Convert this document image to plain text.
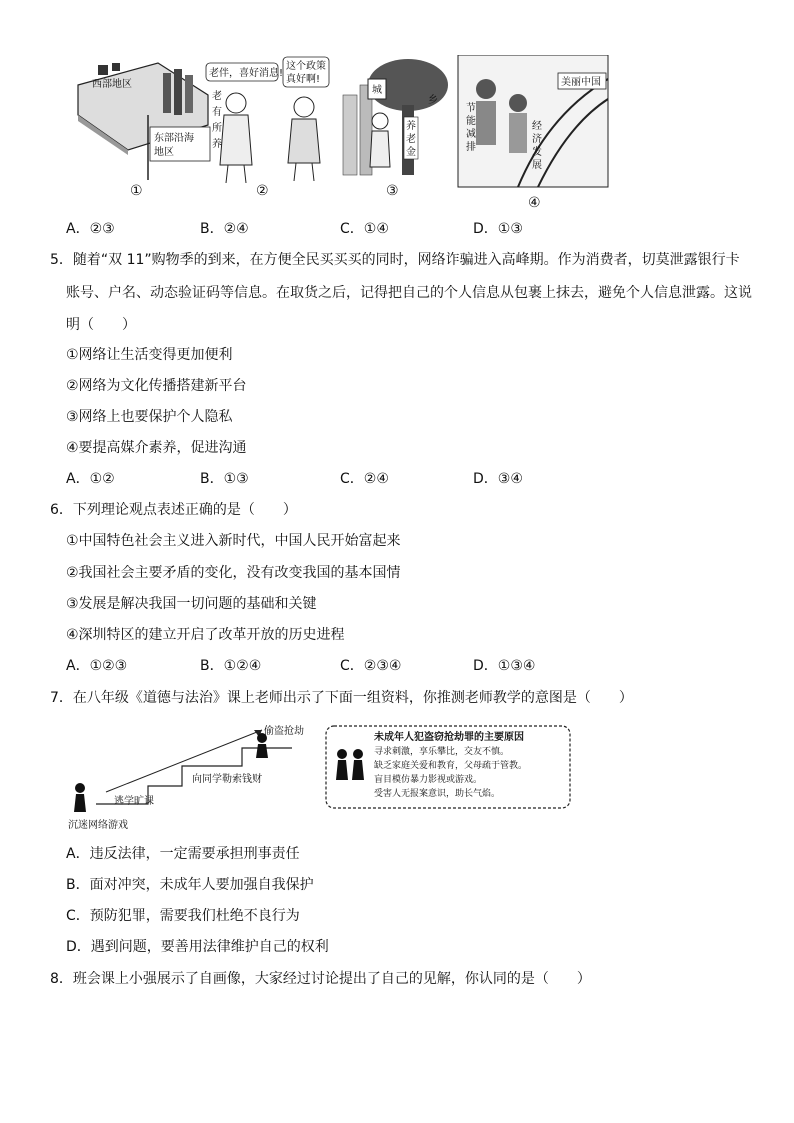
西部地区
东部沿海
地区
①
老伴，喜好消息!
这个政策
真好啊!
老
有
所
养
②
城
乡
养
老
金
③
美丽中国
节
能
减
排
经
济
发
展
④
A．②③	B．②④	C．①④	D．①③
5．随着“双 11”购物季的到来，在方便全民买买买的同时，网络诈骗进入高峰期。作为消费者，切莫泄露银行卡
账号、户名、动态验证码等信息。在取货之后，记得把自己的个人信息从包裹上抹去，避免个人信息泄露。这说
明（　　）
①网络让生活变得更加便利
②网络为文化传播搭建新平台
③网络上也要保护个人隐私
④要提高媒介素养，促进沟通
A．①②	B．①③	C．②④	D．③④
6．下列理论观点表述正确的是（　　）
①中国特色社会主义进入新时代，中国人民开始富起来
②我国社会主要矛盾的变化，没有改变我国的基本国情
③发展是解决我国一切问题的基础和关键
④深圳特区的建立开启了改革开放的历史进程
A．①②③	B．①②④	C．②③④	D．①③④
7．在八年级《道德与法治》课上老师出示了下面一组资料，你推测老师教学的意图是（　　）
沉迷网络游戏
逃学旷课
向同学勒索钱财
偷盗抢劫
未成年人犯盗窃抢劫罪的主要原因
寻求刺激，享乐攀比，交友不慎。
缺乏家庭关爱和教育，父母疏于管教。
盲目模仿暴力影视或游戏。
受害人无报案意识，助长气焰。
A．违反法律，一定需要承担刑事责任
B．面对冲突，未成年人要加强自我保护
C．预防犯罪，需要我们杜绝不良行为
D．遇到问题，要善用法律维护自己的权利
8．班会课上小强展示了自画像，大家经过讨论提出了自己的见解，你认同的是（　　）
